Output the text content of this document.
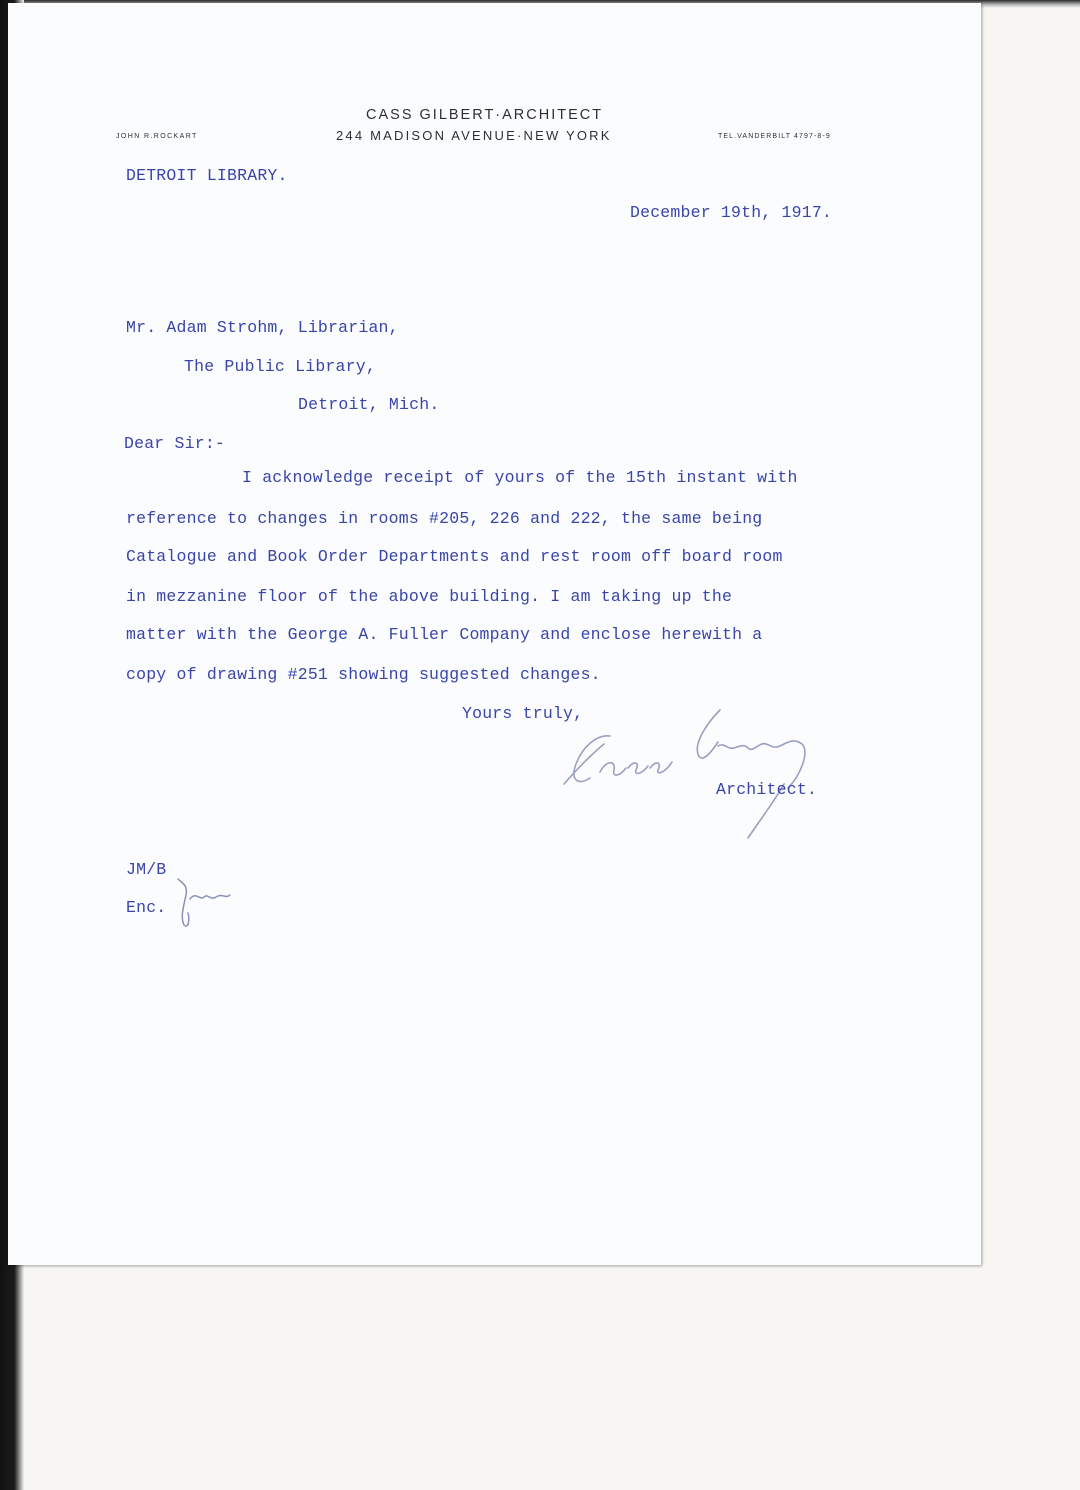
CASS GILBERT·ARCHITECT
244 MADISON AVENUE·NEW YORK
JOHN R.ROCKART	TEL.VANDERBILT 4797-8-9
DETROIT LIBRARY.
December 19th, 1917.
Mr. Adam Strohm, Librarian,
The Public Library,
Detroit, Mich.
Dear Sir:-
I acknowledge receipt of yours of the 15th instant with
reference to changes in rooms #205, 226 and 222, the same being
Catalogue and Book Order Departments and rest room off board room
in mezzanine floor of the above building. I am taking up the
matter with the George A. Fuller Company and enclose herewith a
copy of drawing #251 showing suggested changes.
Yours truly,
Architect.
JM/B
Enc.
